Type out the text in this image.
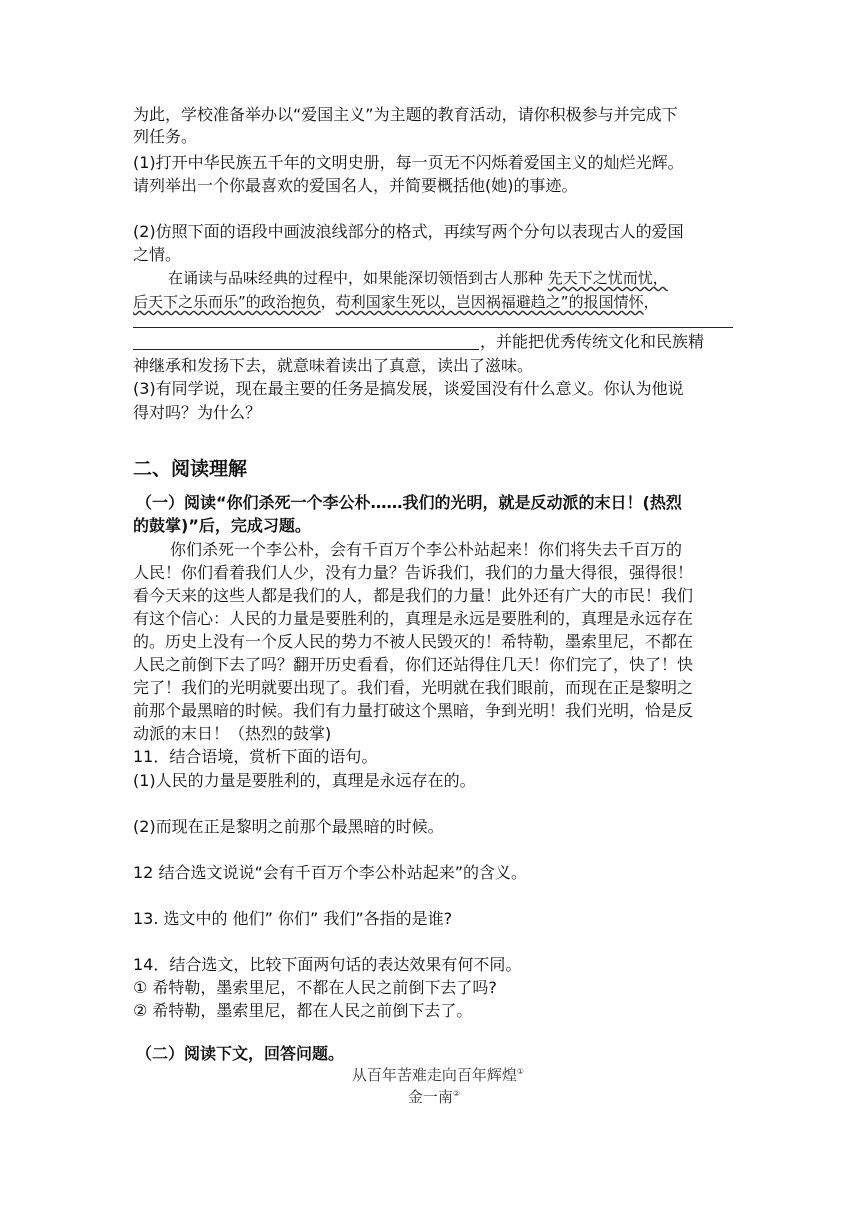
为此，学校准备举办以“爱国主义”为主题的教育活动，请你积极参与并完成下
列任务。
(1)打开中华民族五千年的文明史册，每一页无不闪烁着爱国主义的灿烂光辉。
请列举出一个你最喜欢的爱国名人，并简要概括他(她)的事迹。
(2)仿照下面的语段中画波浪线部分的格式，再续写两个分句以表现古人的爱国
之情。
在诵读与品味经典的过程中，如果能深切领悟到古人那种 先天下之忧而忧，
后天下之乐而乐”的政治抱负，苟利国家生死以，岂因祸福避趋之”的报国情怀，
，并能把优秀传统文化和民族精
神继承和发扬下去，就意味着读出了真意，读出了滋味。
(3)有同学说，现在最主要的任务是搞发展，谈爱国没有什么意义。你认为他说
得对吗？为什么？
二、阅读理解
（一）阅读“你们杀死一个李公朴……我们的光明，就是反动派的末日！(热烈
的鼓掌)”后，完成习题。
你们杀死一个李公朴，会有千百万个李公朴站起来！你们将失去千百万的
人民！你们看着我们人少，没有力量？告诉我们，我们的力量大得很，强得很！
看今天来的这些人都是我们的人，都是我们的力量！此外还有广大的市民！我们
有这个信心：人民的力量是要胜利的，真理是永远是要胜利的，真理是永远存在
的。历史上没有一个反人民的势力不被人民毁灭的！希特勒，墨索里尼，不都在
人民之前倒下去了吗？翻开历史看看，你们还站得住几天！你们完了，快了！快
完了！我们的光明就要出现了。我们看，光明就在我们眼前，而现在正是黎明之
前那个最黑暗的时候。我们有力量打破这个黑暗，争到光明！我们光明，恰是反
动派的末日！（热烈的鼓掌)
11．结合语境，赏析下面的语句。
(1)人民的力量是要胜利的，真理是永远存在的。
(2)而现在正是黎明之前那个最黑暗的时候。
12 结合选文说说“会有千百万个李公朴站起来”的含义。
13. 选文中的 他们” 你们” 我们”各指的是谁?
14．结合选文，比较下面两句话的表达效果有何不同。
① 希特勒，墨索里尼，不都在人民之前倒下去了吗?
② 希特勒，墨索里尼，都在人民之前倒下去了。
（二）阅读下文，回答问题。
从百年苦难走向百年辉煌①
金一南②
